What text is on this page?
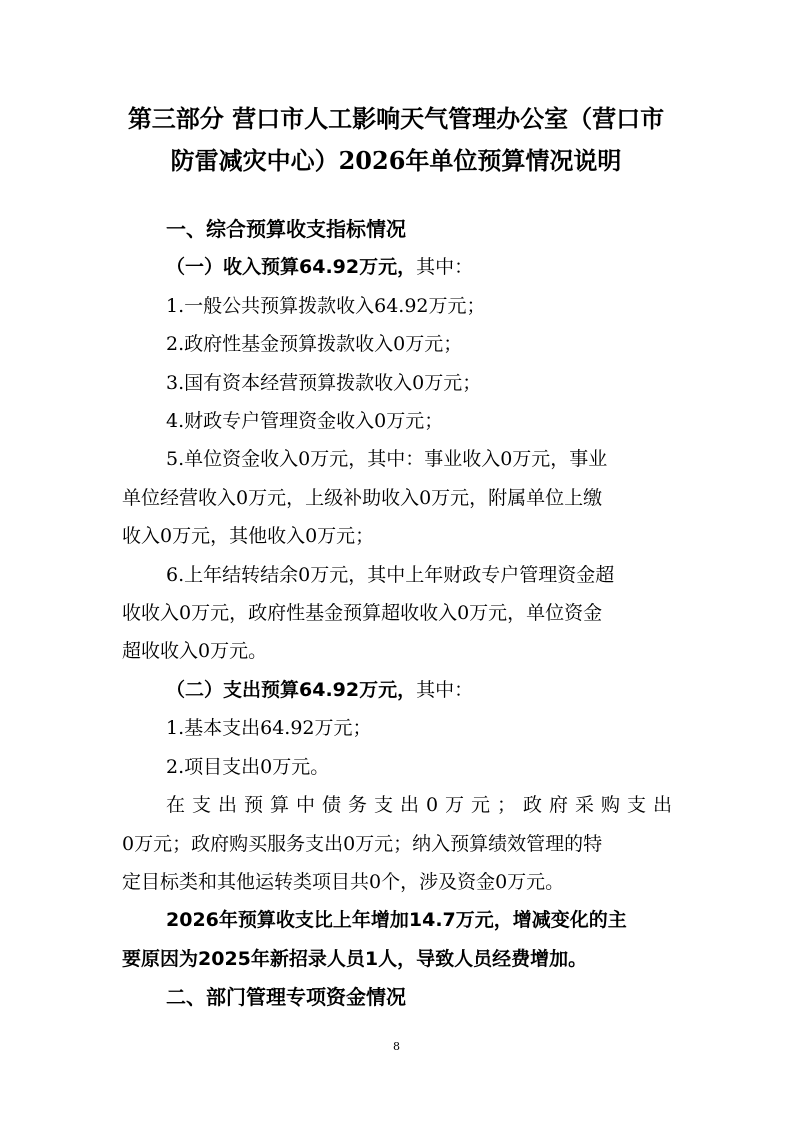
第三部分 营口市人工影响天气管理办公室（营口市
防雷减灾中心）2026年单位预算情况说明

一、综合预算收支指标情况

（一）收入预算64.92万元，其中：

1.一般公共预算拨款收入64.92万元；

2.政府性基金预算拨款收入0万元；

3.国有资本经营预算拨款收入0万元；

4.财政专户管理资金收入0万元；

5.单位资金收入0万元，其中：事业收入0万元，事业

单位经营收入0万元，上级补助收入0万元，附属单位上缴

收入0万元，其他收入0万元；

6.上年结转结余0万元，其中上年财政专户管理资金超

收收入0万元，政府性基金预算超收收入0万元，单位资金

超收收入0万元。

（二）支出预算64.92万元，其中：

1.基本支出64.92万元；

2.项目支出0万元。

在支出预算中债务支出0万元；政府采购支出

0万元；政府购买服务支出0万元；纳入预算绩效管理的特

定目标类和其他运转类项目共0个，涉及资金0万元。

2026年预算收支比上年增加14.7万元，增减变化的主

要原因为2025年新招录人员1人，导致人员经费增加。

二、部门管理专项资金情况

8
